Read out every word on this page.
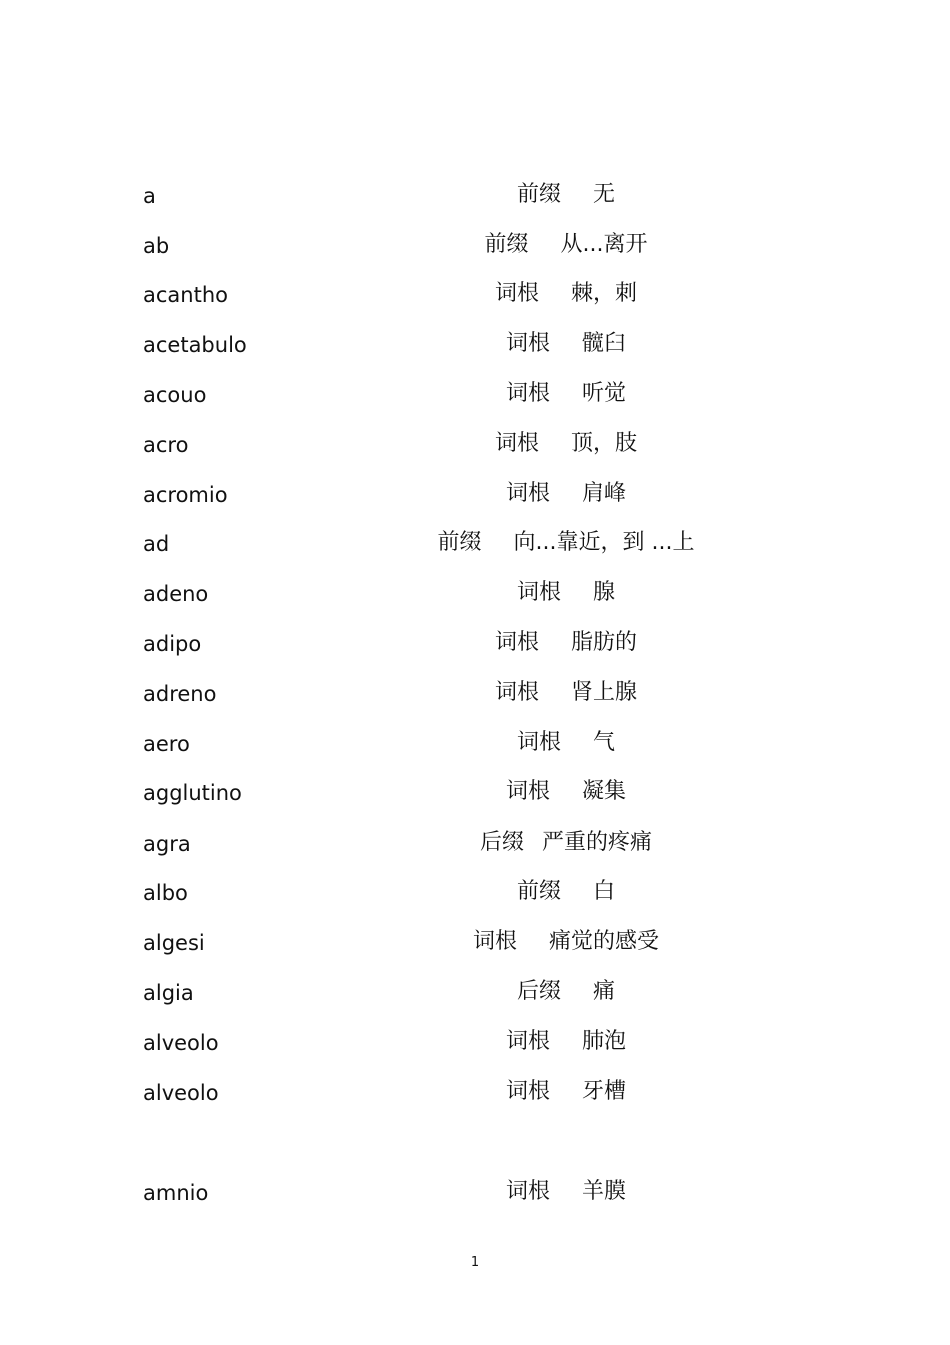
a	前缀 无
ab	前缀 从...离开
acantho	词根 棘，刺
acetabulo	词根 髋臼
acouo	词根 听觉
acro	词根 顶，肢
acromio	词根 肩峰
ad	前缀 向...靠近，到 ...上
adeno	词根 腺
adipo	词根 脂肪的
adreno	词根 肾上腺
aero	词根 气
agglutino	词根 凝集
agra	后缀 严重的疼痛
albo	前缀 白
algesi	词根 痛觉的感受
algia	后缀 痛
alveolo	词根 肺泡
alveolo	词根 牙槽
amnio	词根 羊膜
1
